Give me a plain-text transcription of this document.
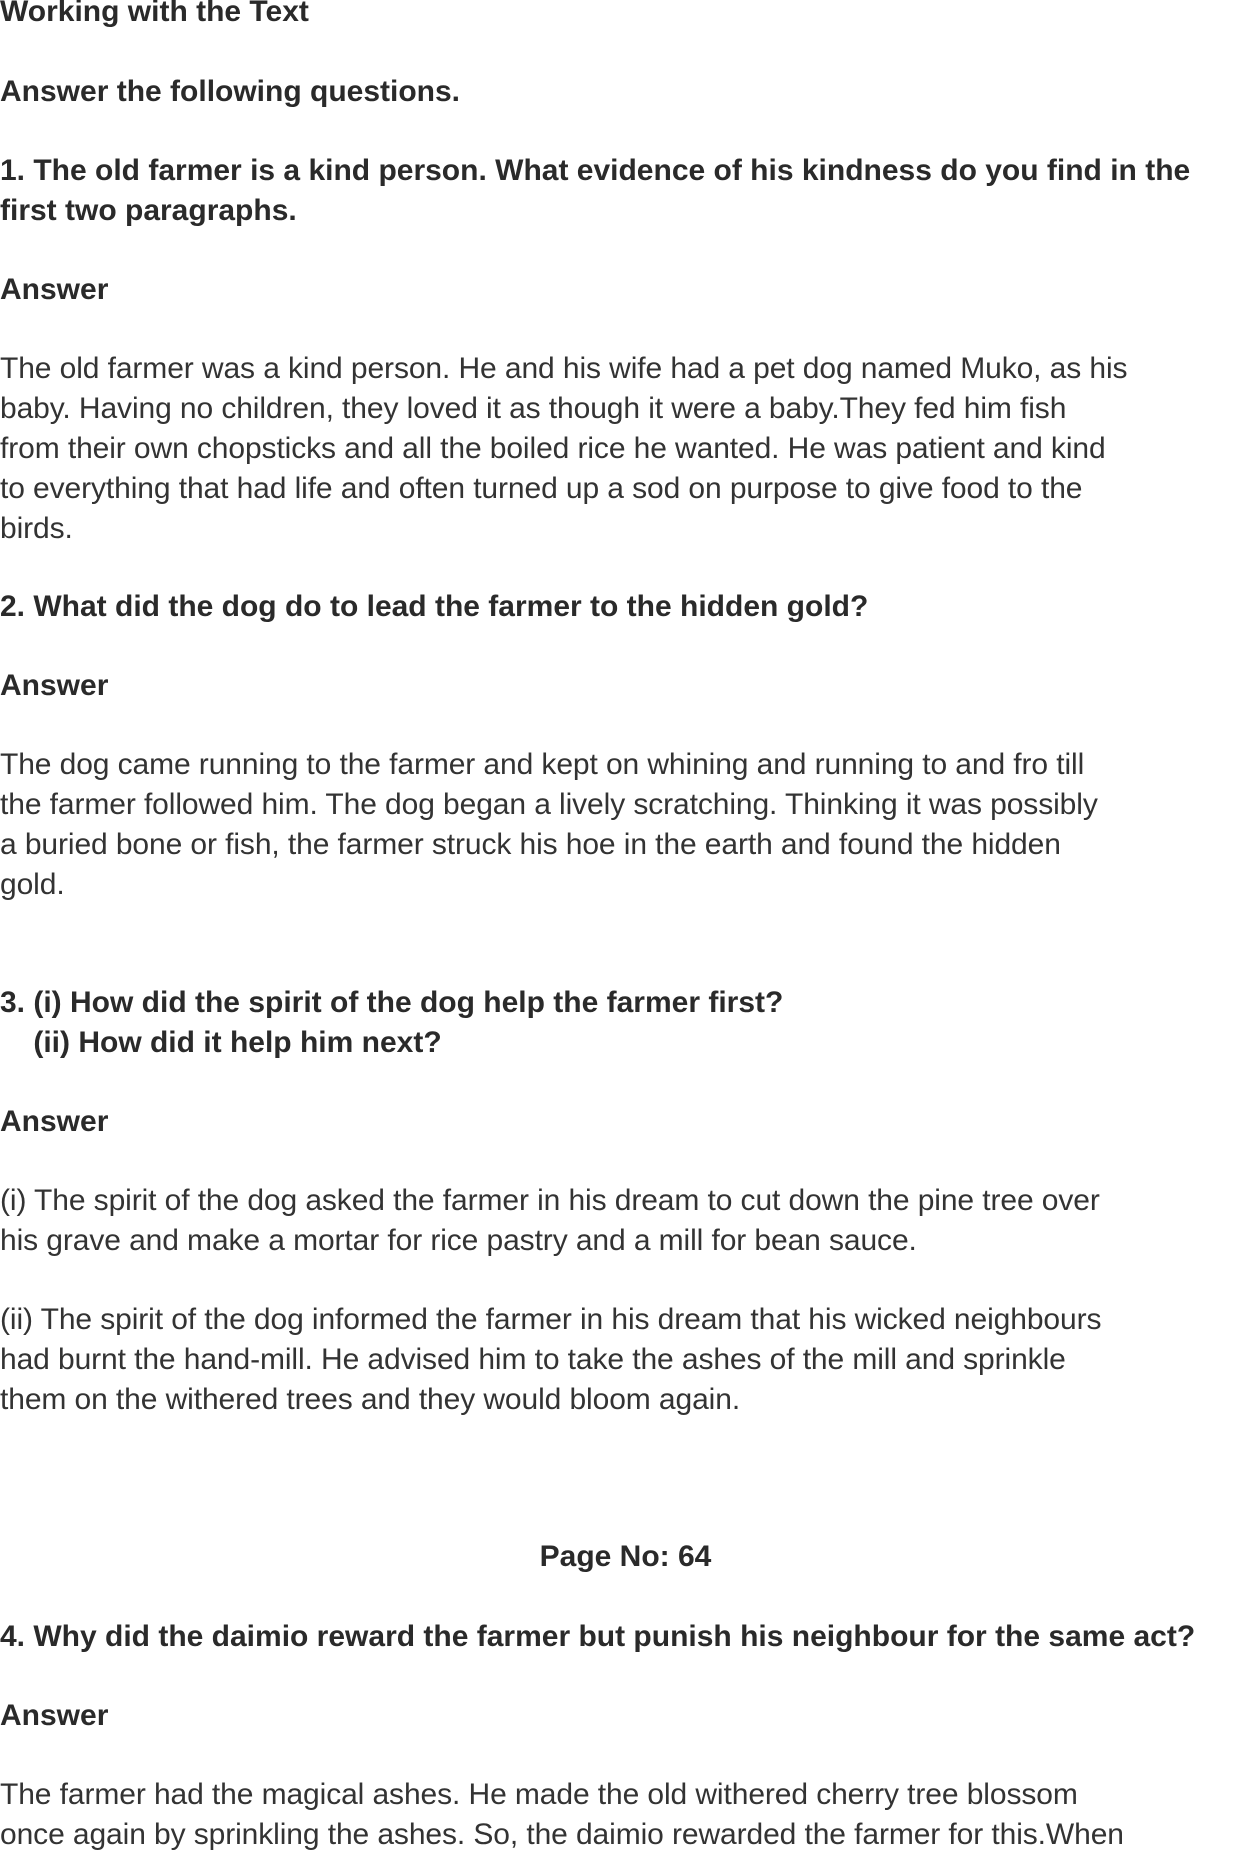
Working with the Text

Answer the following questions.

1. The old farmer is a kind person. What evidence of his kindness do you find in the

first two paragraphs.

Answer

The old farmer was a kind person. He and his wife had a pet dog named Muko, as his

baby. Having no children, they loved it as though it were a baby.They fed him fish

from their own chopsticks and all the boiled rice he wanted. He was patient and kind

to everything that had life and often turned up a sod on purpose to give food to the

birds.

2. What did the dog do to lead the farmer to the hidden gold?

Answer

The dog came running to the farmer and kept on whining and running to and fro till

the farmer followed him. The dog began a lively scratching. Thinking it was possibly

a buried bone or fish, the farmer struck his hoe in the earth and found the hidden

gold.

3. (i) How did the spirit of the dog help the farmer first?

(ii) How did it help him next?

Answer

(i) The spirit of the dog asked the farmer in his dream to cut down the pine tree over

his grave and make a mortar for rice pastry and a mill for bean sauce.

(ii) The spirit of the dog informed the farmer in his dream that his wicked neighbours

had burnt the hand-mill. He advised him to take the ashes of the mill and sprinkle

them on the withered trees and they would bloom again.

Page No: 64

4. Why did the daimio reward the farmer but punish his neighbour for the same act?

Answer

The farmer had the magical ashes. He made the old withered cherry tree blossom

once again by sprinkling the ashes. So, the daimio rewarded the farmer for this.When
